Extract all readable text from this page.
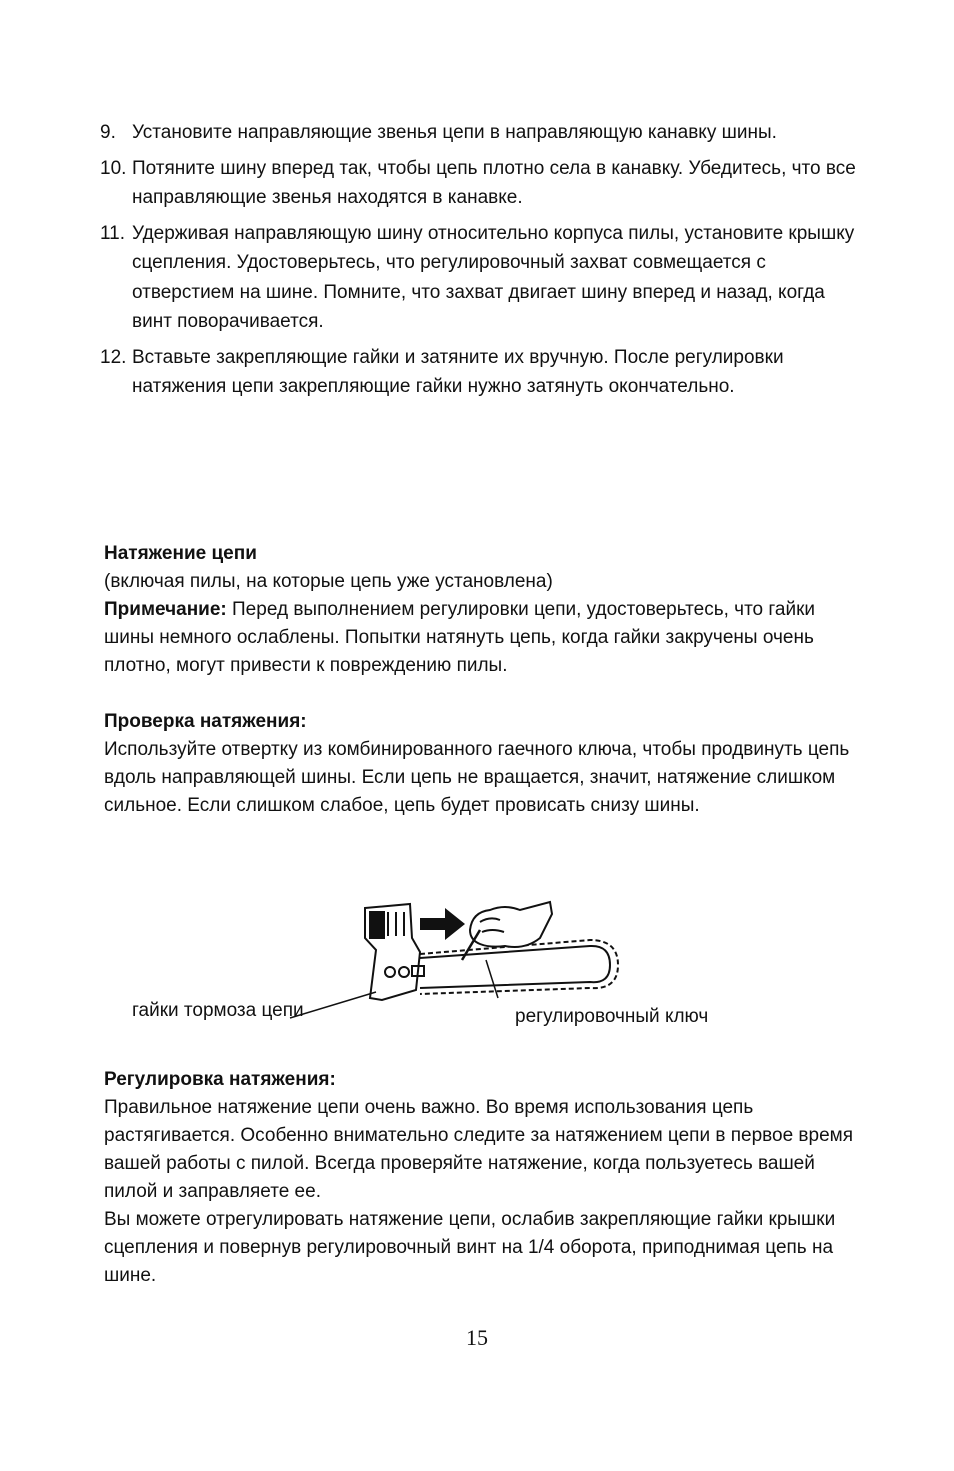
9. Установите направляющие звенья цепи в направляющую канавку шины.
10. Потяните шину вперед так, чтобы цепь плотно села в канавку. Убедитесь, что все направляющие звенья находятся в канавке.
11. Удерживая направляющую шину относительно корпуса пилы, установите крышку сцепления. Удостоверьтесь, что регулировочный захват совмещается с отверстием на шине. Помните, что захват двигает шину вперед и назад, когда винт поворачивается.
12. Вставьте закрепляющие гайки и затяните их вручную. После регулировки натяжения цепи закрепляющие гайки нужно затянуть окончательно.
Натяжение цепи
(включая пилы, на которые цепь уже установлена)
Примечание: Перед выполнением регулировки цепи, удостоверьтесь, что гайки шины немного ослаблены. Попытки натянуть цепь, когда гайки закручены очень плотно, могут привести к повреждению пилы.
Проверка натяжения:
Используйте отвертку из комбинированного гаечного ключа, чтобы продвинуть цепь вдоль направляющей шины. Если цепь не вращается, значит, натяжение слишком сильное. Если слишком слабое, цепь будет провисать снизу шины.
гайки тормоза цепи	регулировочный ключ
Регулировка натяжения:
Правильное натяжение цепи очень важно. Во время использования цепь растягивается. Особенно внимательно следите за натяжением цепи в первое время вашей работы с пилой. Всегда проверяйте натяжение, когда пользуетесь вашей пилой и заправляете ее.
Вы можете отрегулировать натяжение цепи, ослабив закрепляющие гайки крышки сцепления и повернув регулировочный винт на 1/4 оборота, приподнимая цепь на шине.
15
